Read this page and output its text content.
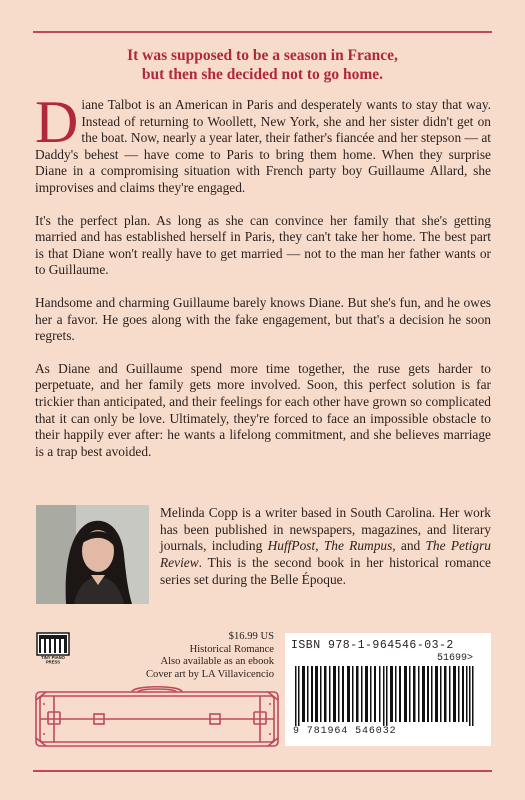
It was supposed to be a season in France,
but then she decided not to go home.

Diane Talbot is an American in Paris and desperately wants to stay that way. Instead of returning to Woollett, New York, she and her sister didn't get on the boat. Now, nearly a year later, their father's fiancée and her stepson — at Daddy's behest — have come to Paris to bring them home. When they surprise Diane in a compromising situation with French party boy Guillaume Allard, she improvises and claims they're engaged.

It's the perfect plan. As long as she can convince her family that she's getting married and has established herself in Paris, they can't take her home. The best part is that Diane won't really have to get married — not to the man her father wants or to Guillaume.

Handsome and charming Guillaume barely knows Diane. But she's fun, and he owes her a favor. He goes along with the fake engagement, but that's a decision he soon regrets.

As Diane and Guillaume spend more time together, the ruse gets harder to perpetuate, and her family gets more involved. Soon, this perfect solution is far trickier than anticipated, and their feelings for each other have grown so complicated that it can only be love. Ultimately, they're forced to face an impossible obstacle to their happily ever after: he wants a lifelong commitment, and she believes marriage is a trap best avoided.

Melinda Copp is a writer based in South Carolina. Her work has been published in newspapers, magazines, and literary journals, including HuffPost, The Rumpus, and The Petigru Review. This is the second book in her historical romance series set during the Belle Époque.
TINY PIANO
PRESS
$16.99 US
Historical Romance
Also available as an ebook
Cover art by LA Villavicencio
ISBN 978-1-964546-03-2
51699>
9 781964 546032
